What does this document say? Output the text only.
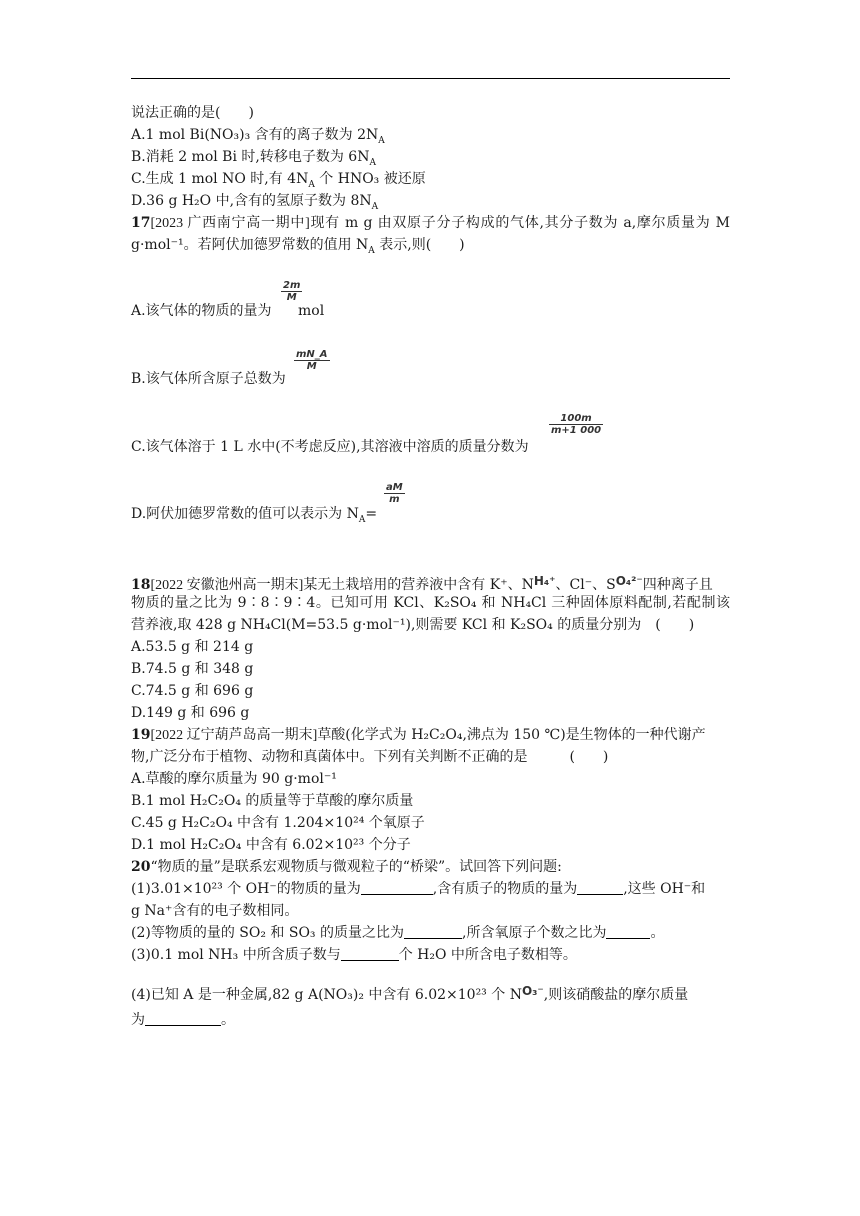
说法正确的是(　　)
A.1 mol Bi(NO₃)₃ 含有的离子数为 $2N_A$
B.消耗 2 mol Bi 时,转移电子数为 $6N_A$
C.生成 1 mol NO 时,有 $4N_A$ 个 HNO₃ 被还原
D.36 g H₂O 中,含有的氢原子数为 $8N_A$
17[2023 广西南宁高一期中]现有 m g 由双原子分子构成的气体,其分子数为 a,摩尔质量为 M
g·mol⁻¹。若阿伏加德罗常数的值用 $N_A$ 表示,则(　　)
$\frac{2m}{M}$
A.该气体的物质的量为 mol
$\frac{mN\_A}{M}$
B.该气体所含原子总数为
$\frac{100m}{m+1 000}$
C.该气体溶于 1 L 水中(不考虑反应),其溶液中溶质的质量分数为
$\frac{aM}{m}$
D.阿伏加德罗常数的值可以表示为 $N_A=$
18[2022 安徽池州高一期末]某无土栽培用的营养液中含有 K⁺、NH₄⁺、Cl⁻、SO₄²⁻四种离子且
物质的量之比为 9∶8∶9∶4。已知可用 KCl、K₂SO₄ 和 NH₄Cl 三种固体原料配制,若配制该
营养液,取 428 g NH₄Cl(M=53.5 g·mol⁻¹),则需要 KCl 和 K₂SO₄ 的质量分别为　(　　)
A.53.5 g 和 214 g
B.74.5 g 和 348 g
C.74.5 g 和 696 g
D.149 g 和 696 g
19[2022 辽宁葫芦岛高一期末]草酸(化学式为 H₂C₂O₄,沸点为 150 ℃)是生物体的一种代谢产
物,广泛分布于植物、动物和真菌体中。下列有关判断不正确的是　　　(　　)
A.草酸的摩尔质量为 90 g·mol⁻¹
B.1 mol H₂C₂O₄ 的质量等于草酸的摩尔质量
C.45 g H₂C₂O₄ 中含有 1.204×10²⁴ 个氧原子
D.1 mol H₂C₂O₄ 中含有 6.02×10²³ 个分子
20“物质的量”是联系宏观物质与微观粒子的“桥梁”。试回答下列问题:
(1)3.01×10²³ 个 OH⁻的物质的量为	,含有质子的物质的量为	,这些 OH⁻和
g Na⁺含有的电子数相同。
(2)等物质的量的 SO₂ 和 SO₃ 的质量之比为	,所含氧原子个数之比为	。
(3)0.1 mol NH₃ 中所含质子数与	个 H₂O 中所含电子数相等。
(4)已知 A 是一种金属,82 g A(NO₃)₂ 中含有 6.02×10²³ 个 NO₃⁻,则该硝酸盐的摩尔质量
为	。
